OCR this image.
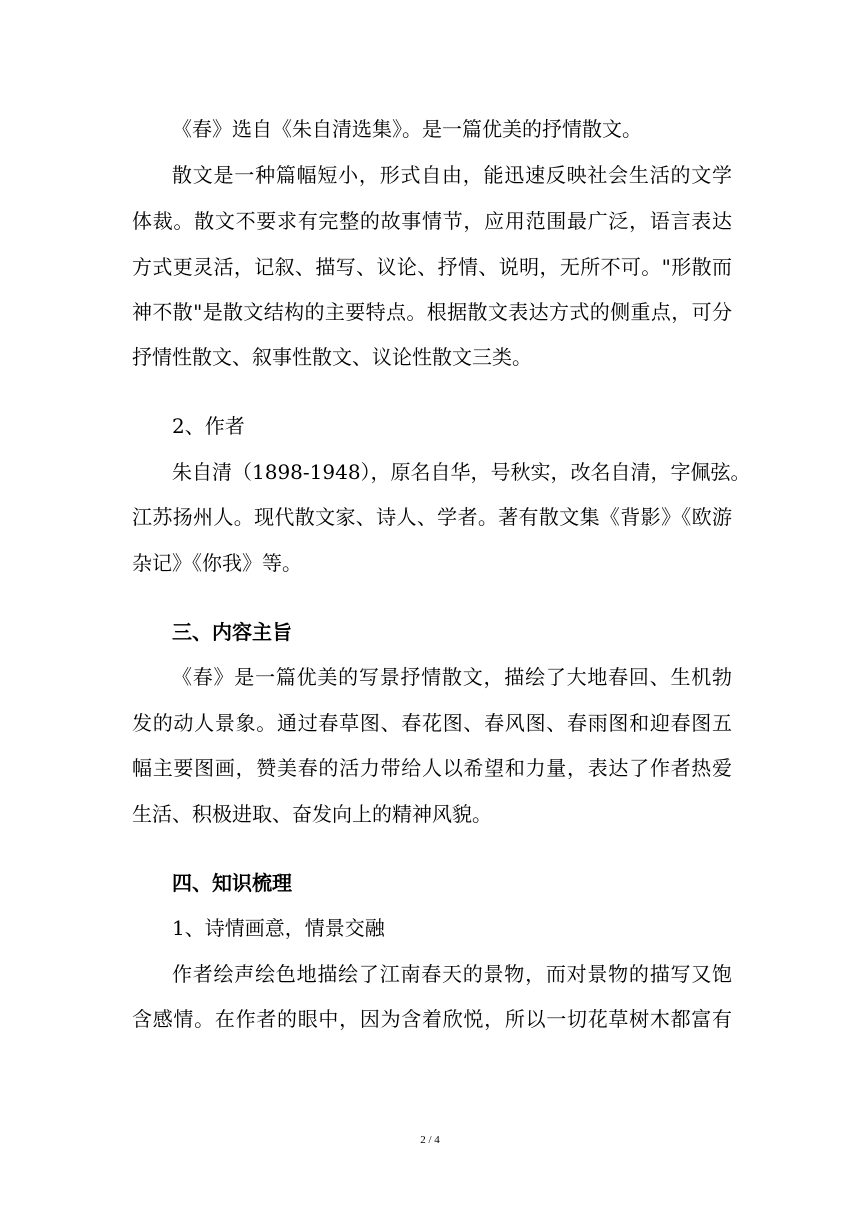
《春》选自《朱自清选集》。是一篇优美的抒情散文。
散文是一种篇幅短小，形式自由，能迅速反映社会生活的文学
体裁。散文不要求有完整的故事情节，应用范围最广泛，语言表达
方式更灵活，记叙、描写、议论、抒情、说明，无所不可。"形散而
神不散"是散文结构的主要特点。根据散文表达方式的侧重点，可分
抒情性散文、叙事性散文、议论性散文三类。
2、作者
朱自清（1898-1948），原名自华，号秋实，改名自清，字佩弦。
江苏扬州人。现代散文家、诗人、学者。著有散文集《背影》《欧游
杂记》《你我》等。
三、内容主旨
《春》是一篇优美的写景抒情散文，描绘了大地春回、生机勃
发的动人景象。通过春草图、春花图、春风图、春雨图和迎春图五
幅主要图画，赞美春的活力带给人以希望和力量，表达了作者热爱
生活、积极进取、奋发向上的精神风貌。
四、知识梳理
1、诗情画意，情景交融
作者绘声绘色地描绘了江南春天的景物，而对景物的描写又饱
含感情。在作者的眼中，因为含着欣悦，所以一切花草树木都富有
2 / 4
